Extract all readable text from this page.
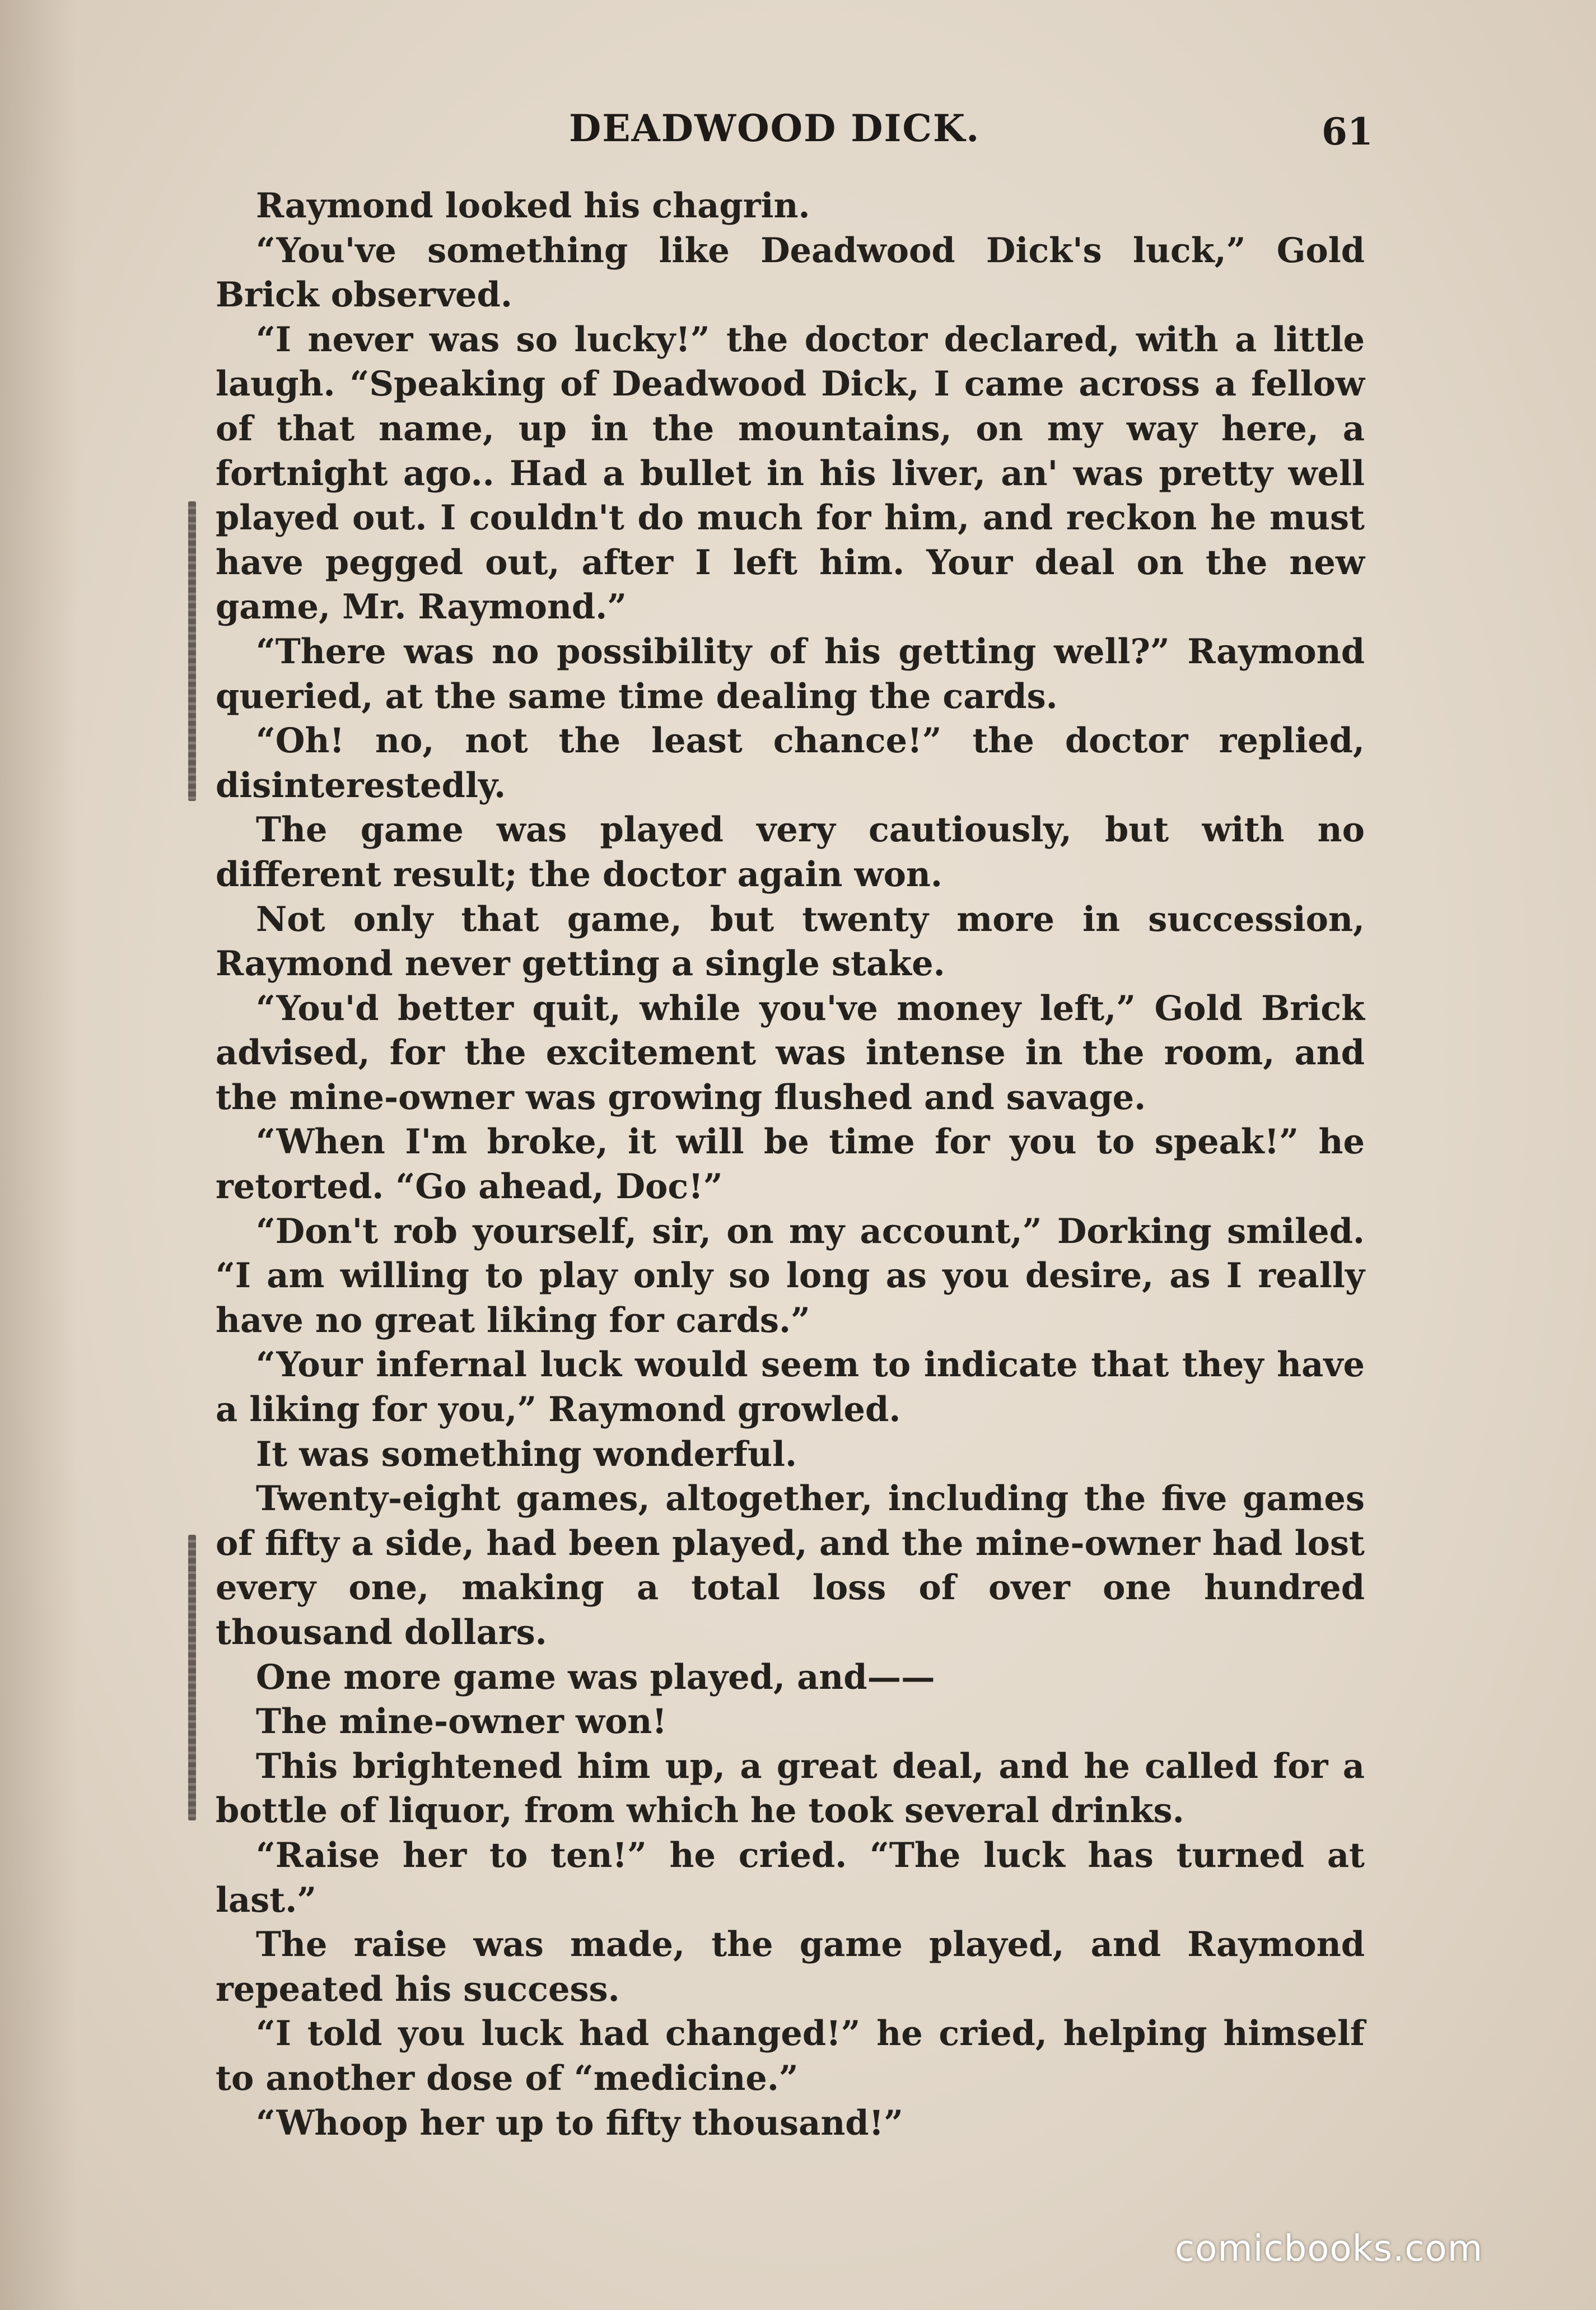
DEADWOOD DICK.	61

Raymond looked his chagrin.

“You've something like Deadwood Dick's luck,” Gold Brick observed.

“I never was so lucky!” the doctor declared, with a little laugh. “Speaking of Deadwood Dick, I came across a fellow of that name, up in the mountains, on my way here, a fortnight ago.. Had a bullet in his liver, an' was pretty well played out. I couldn't do much for him, and reckon he must have pegged out, after I left him. Your deal on the new game, Mr. Raymond.”

“There was no possibility of his getting well?” Raymond queried, at the same time dealing the cards.

“Oh! no, not the least chance!” the doctor replied, disinterestedly.

The game was played very cautiously, but with no different result; the doctor again won.

Not only that game, but twenty more in succession, Raymond never getting a single stake.

“You'd better quit, while you've money left,” Gold Brick advised, for the excitement was intense in the room, and the mine-owner was growing flushed and savage.

“When I'm broke, it will be time for you to speak!” he retorted. “Go ahead, Doc!”

“Don't rob yourself, sir, on my account,” Dorking smiled. “I am willing to play only so long as you desire, as I really have no great liking for cards.”

“Your infernal luck would seem to indicate that they have a liking for you,” Raymond growled.

It was something wonderful.

Twenty-eight games, altogether, including the five games of fifty a side, had been played, and the mine-owner had lost every one, making a total loss of over one hundred thousand dollars.

One more game was played, and——

The mine-owner won!

This brightened him up, a great deal, and he called for a bottle of liquor, from which he took several drinks.

“Raise her to ten!” he cried. “The luck has turned at last.”

The raise was made, the game played, and Raymond repeated his success.

“I told you luck had changed!” he cried, helping himself to another dose of “medicine.”

“Whoop her up to fifty thousand!”

comicbooks.com
